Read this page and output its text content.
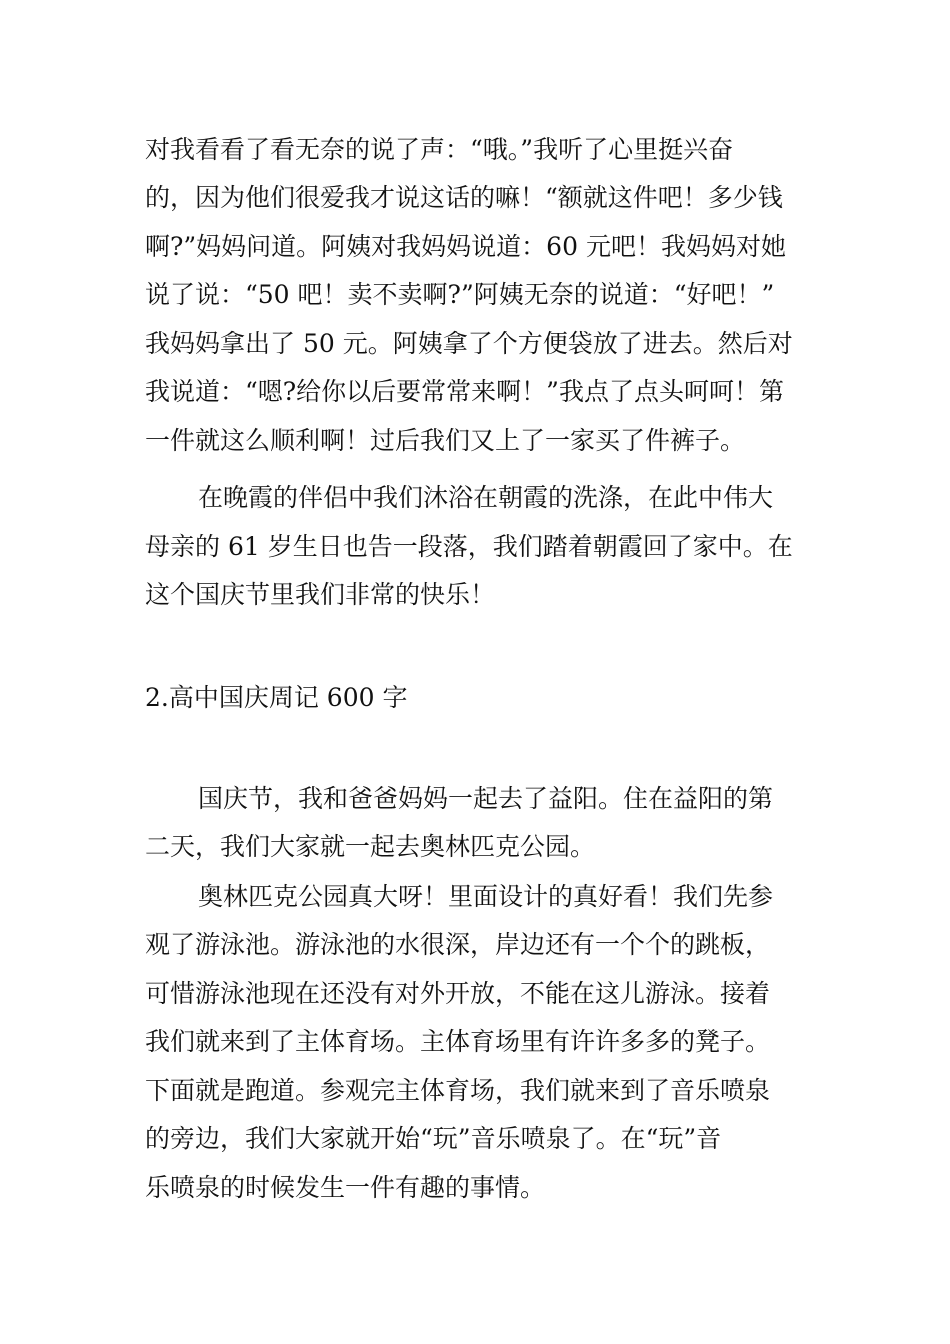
对我看看了看无奈的说了声：“哦。”我听了心里挺兴奋
的，因为他们很爱我才说这话的嘛！“额就这件吧！多少钱
啊?”妈妈问道。阿姨对我妈妈说道：60 元吧！我妈妈对她
说了说：“50 吧！卖不卖啊?”阿姨无奈的说道：“好吧！”
我妈妈拿出了 50 元。阿姨拿了个方便袋放了进去。然后对
我说道：“嗯?给你以后要常常来啊！”我点了点头呵呵！第
一件就这么顺利啊！过后我们又上了一家买了件裤子。
在晚霞的伴侣中我们沐浴在朝霞的洗涤，在此中伟大
母亲的 61 岁生日也告一段落，我们踏着朝霞回了家中。在
这个国庆节里我们非常的快乐！
2.高中国庆周记 600 字
国庆节，我和爸爸妈妈一起去了益阳。住在益阳的第
二天，我们大家就一起去奥林匹克公园。
奥林匹克公园真大呀！里面设计的真好看！我们先参
观了游泳池。游泳池的水很深，岸边还有一个个的跳板，
可惜游泳池现在还没有对外开放，不能在这儿游泳。接着
我们就来到了主体育场。主体育场里有许许多多的凳子。
下面就是跑道。参观完主体育场，我们就来到了音乐喷泉
的旁边，我们大家就开始“玩”音乐喷泉了。在“玩”音
乐喷泉的时候发生一件有趣的事情。
